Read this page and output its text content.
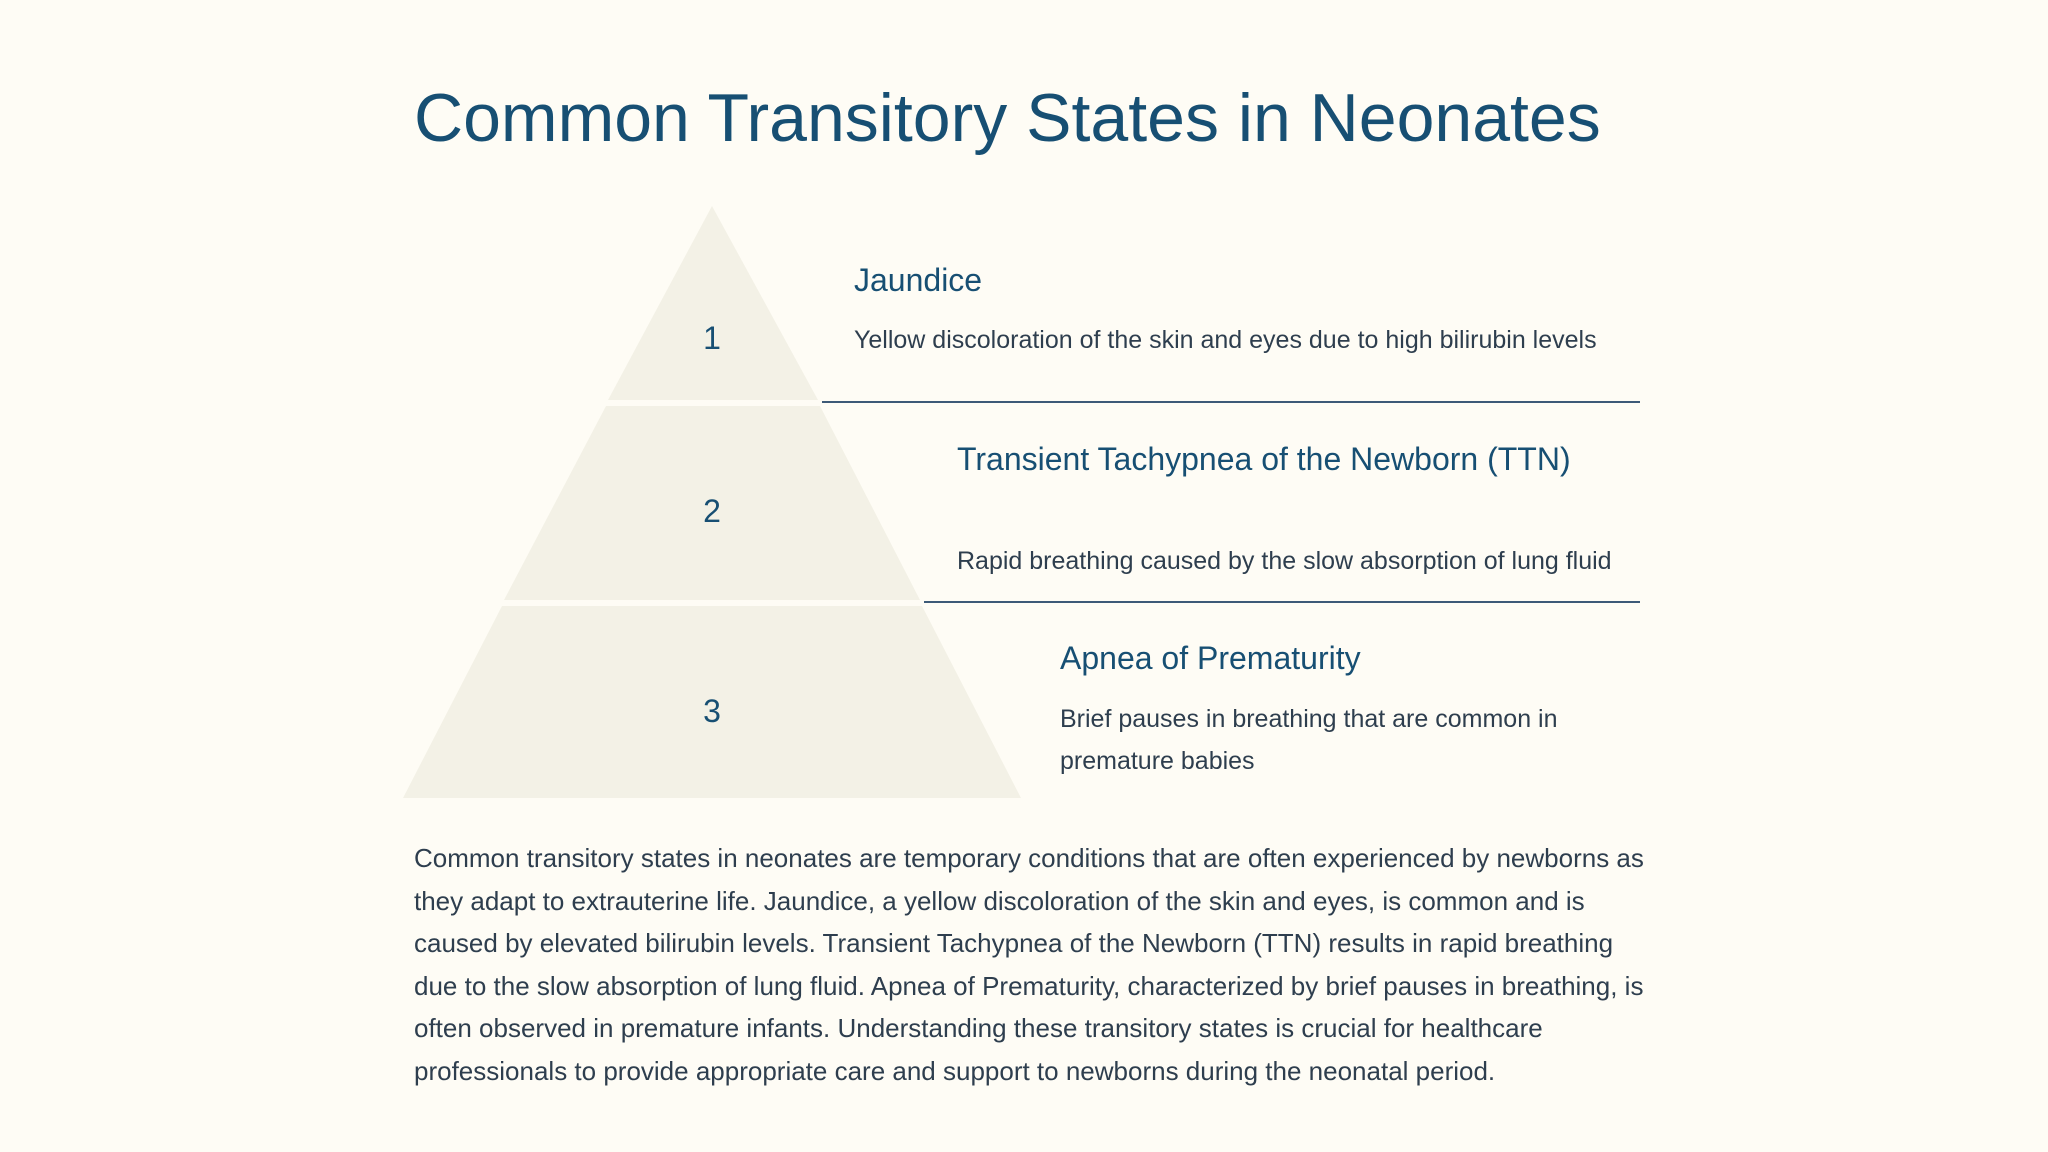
Common Transitory States in Neonates
1
2
3
Jaundice

Yellow discoloration of the skin and eyes due to high bilirubin levels

Transient Tachypnea of the Newborn (TTN)

Rapid breathing caused by the slow absorption of lung fluid

Apnea of Prematurity

Brief pauses in breathing that are common in premature babies

Common transitory states in neonates are temporary conditions that are often experienced by newborns as they adapt to extrauterine life. Jaundice, a yellow discoloration of the skin and eyes, is common and is caused by elevated bilirubin levels. Transient Tachypnea of the Newborn (TTN) results in rapid breathing due to the slow absorption of lung fluid. Apnea of Prematurity, characterized by brief pauses in breathing, is often observed in premature infants. Understanding these transitory states is crucial for healthcare professionals to provide appropriate care and support to newborns during the neonatal period.
